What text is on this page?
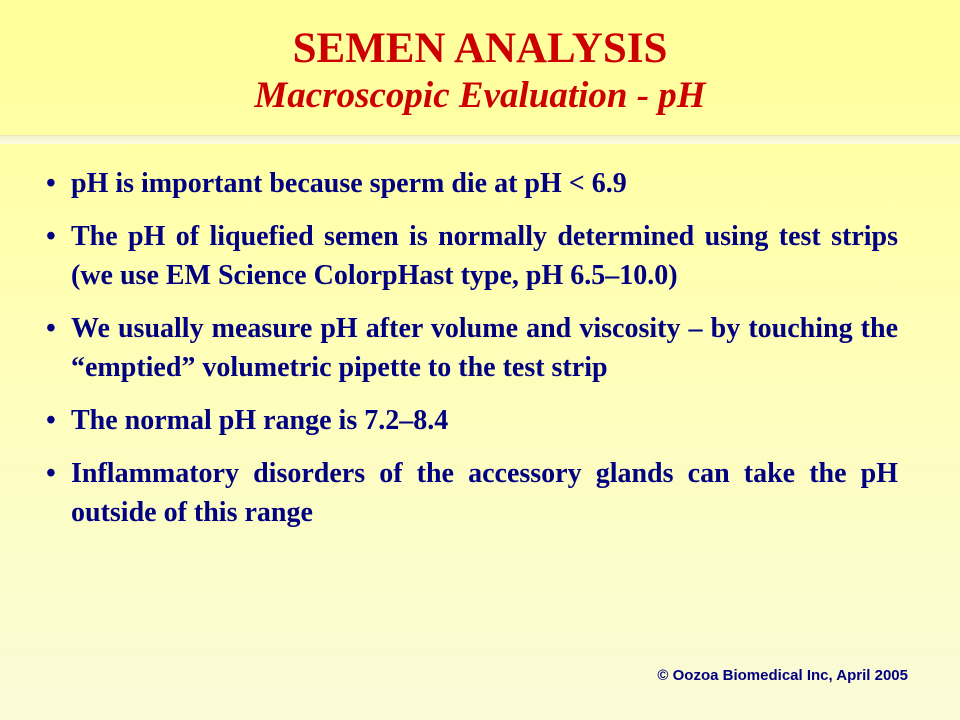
SEMEN ANALYSIS
Macroscopic Evaluation - pH
• pH is important because sperm die at pH < 6.9
• The pH of liquefied semen is normally determined using test strips (we use EM Science ColorpHast type, pH 6.5–10.0)
• We usually measure pH after volume and viscosity – by touching the “emptied” volumetric pipette to the test strip
• The normal pH range is 7.2–8.4
• Inflammatory disorders of the accessory glands can take the pH outside of this range
© Oozoa Biomedical Inc, April 2005
